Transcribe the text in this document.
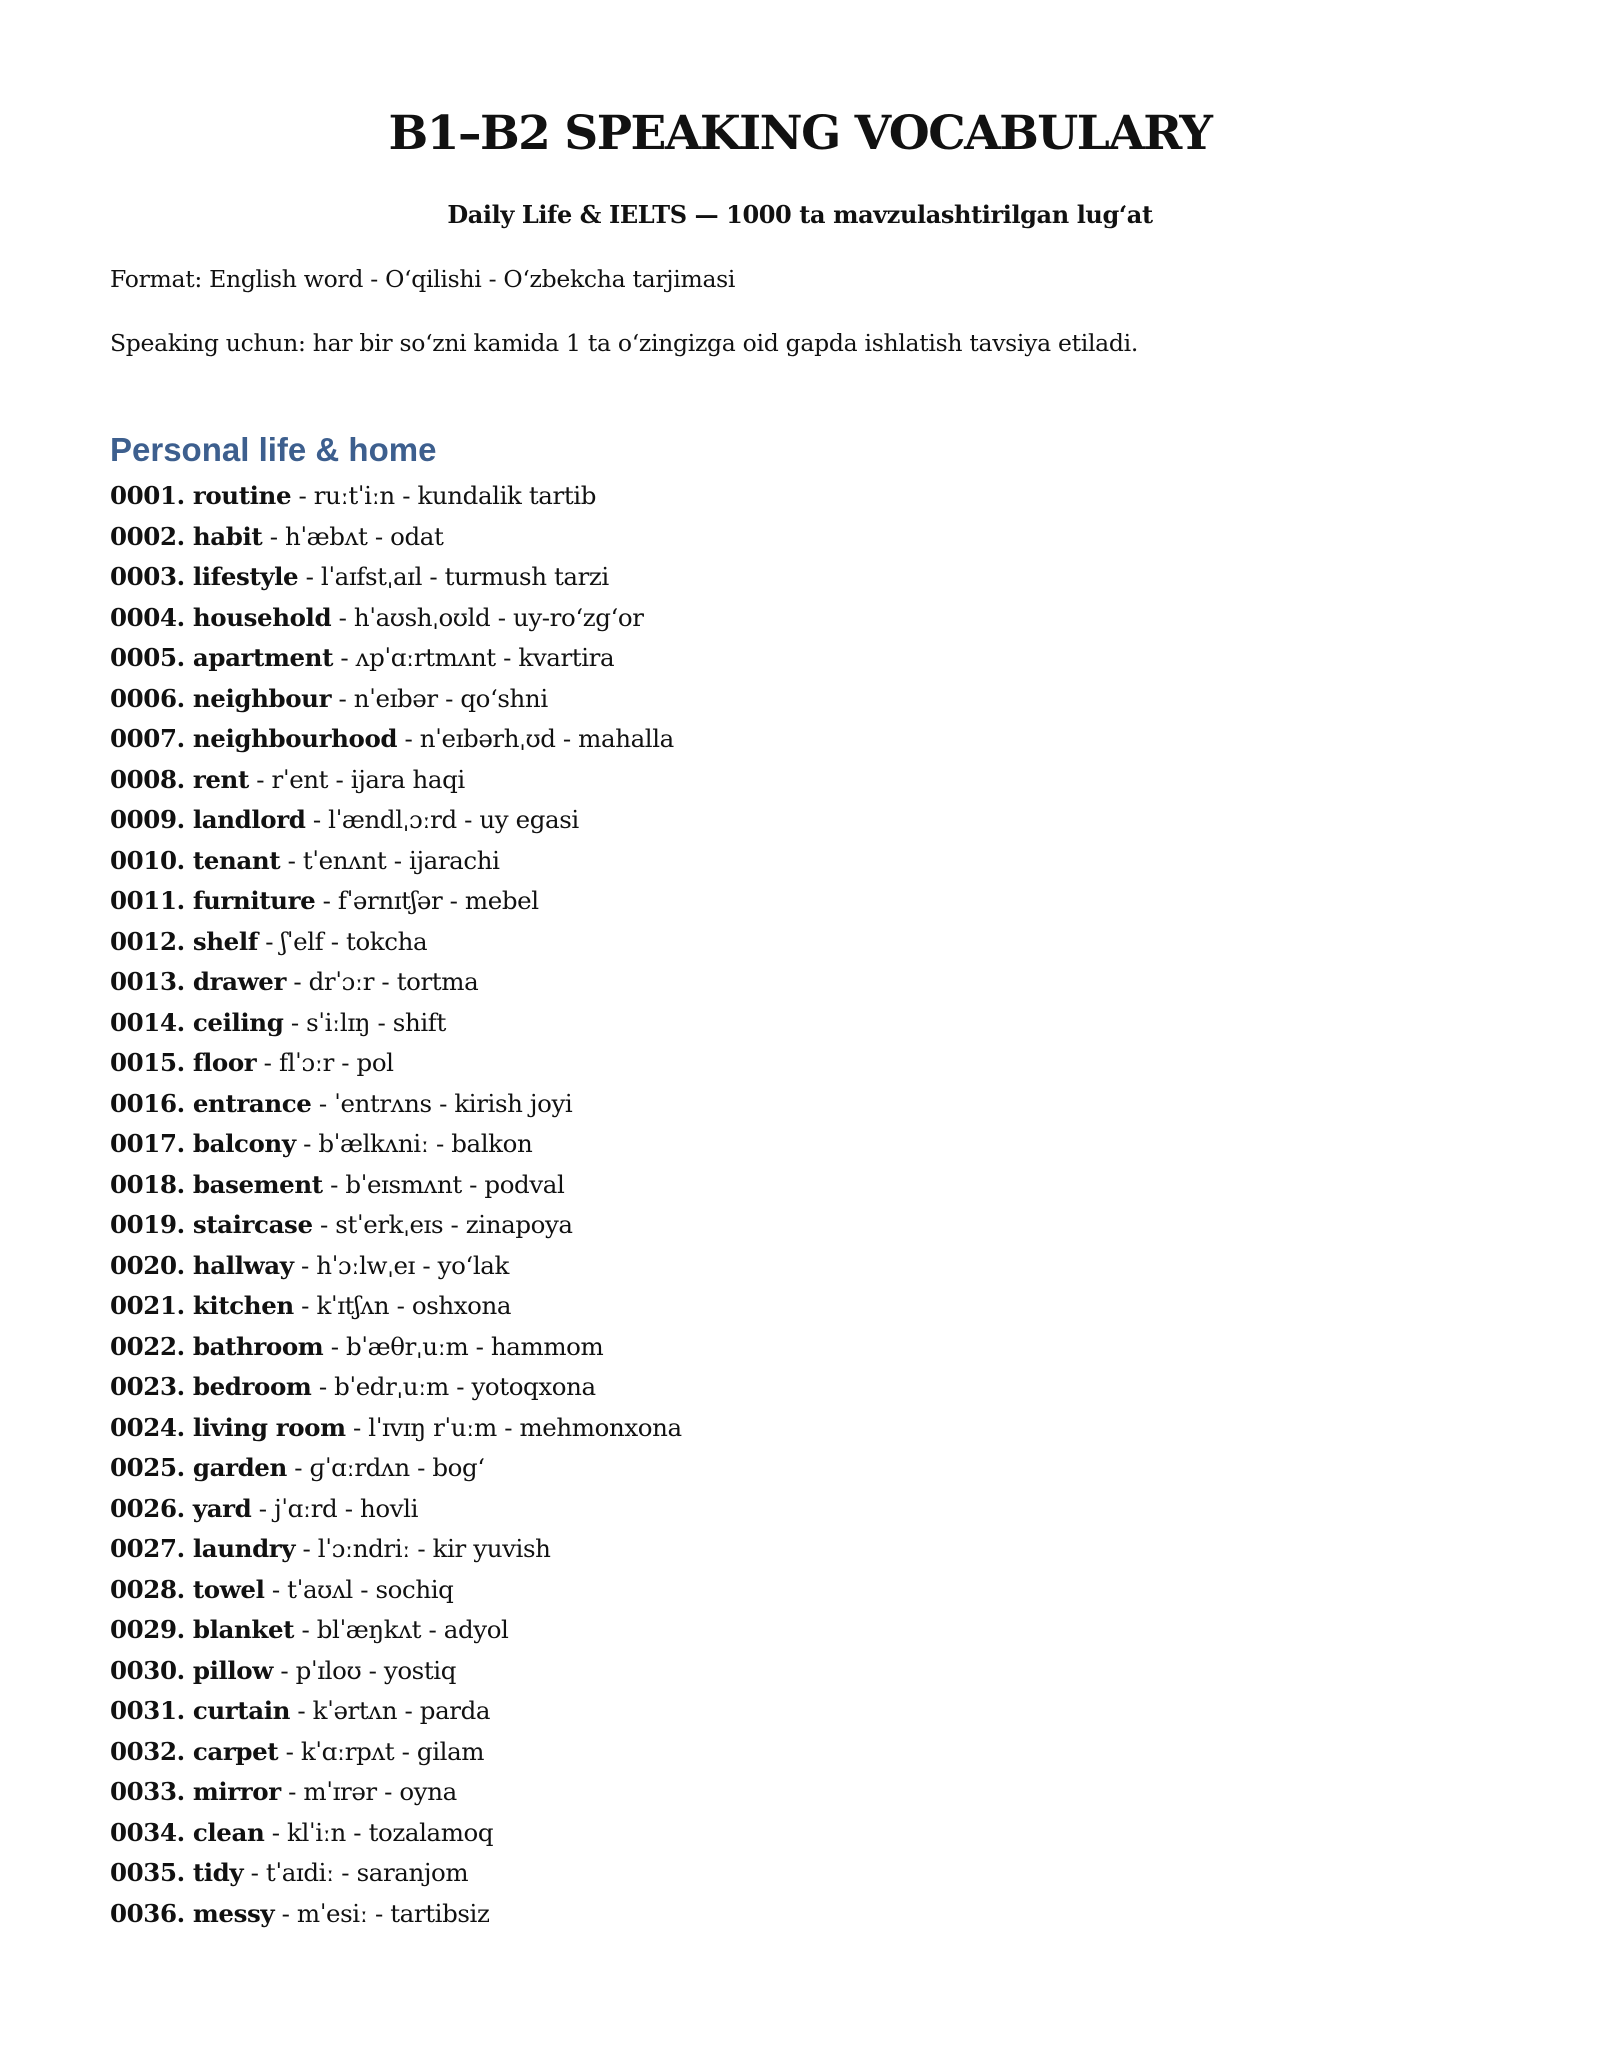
B1–B2 SPEAKING VOCABULARY

Daily Life & IELTS — 1000 ta mavzulashtirilgan lug‘at

Format: English word - O‘qilishi - O‘zbekcha tarjimasi

Speaking uchun: har bir so‘zni kamida 1 ta o‘zingizga oid gapda ishlatish tavsiya etiladi.

Personal life & home
0001. routine - ruːtˈiːn - kundalik tartib
0002. habit - hˈæbʌt - odat
0003. lifestyle - lˈaɪfstˌaɪl - turmush tarzi
0004. household - hˈaʊshˌoʊld - uy-ro‘zg‘or
0005. apartment - ʌpˈɑːrtmʌnt - kvartira
0006. neighbour - nˈeɪbər - qo‘shni
0007. neighbourhood - nˈeɪbərhˌʊd - mahalla
0008. rent - rˈent - ijara haqi
0009. landlord - lˈændlˌɔːrd - uy egasi
0010. tenant - tˈenʌnt - ijarachi
0011. furniture - fˈərnɪtʃər - mebel
0012. shelf - ʃˈelf - tokcha
0013. drawer - drˈɔːr - tortma
0014. ceiling - sˈiːlɪŋ - shift
0015. floor - flˈɔːr - pol
0016. entrance - ˈentrʌns - kirish joyi
0017. balcony - bˈælkʌniː - balkon
0018. basement - bˈeɪsmʌnt - podval
0019. staircase - stˈerkˌeɪs - zinapoya
0020. hallway - hˈɔːlwˌeɪ - yo‘lak
0021. kitchen - kˈɪtʃʌn - oshxona
0022. bathroom - bˈæθrˌuːm - hammom
0023. bedroom - bˈedrˌuːm - yotoqxona
0024. living room - lˈɪvɪŋ rˈuːm - mehmonxona
0025. garden - ɡˈɑːrdʌn - bog‘
0026. yard - jˈɑːrd - hovli
0027. laundry - lˈɔːndriː - kir yuvish
0028. towel - tˈaʊʌl - sochiq
0029. blanket - blˈæŋkʌt - adyol
0030. pillow - pˈɪloʊ - yostiq
0031. curtain - kˈərtʌn - parda
0032. carpet - kˈɑːrpʌt - gilam
0033. mirror - mˈɪrər - oyna
0034. clean - klˈiːn - tozalamoq
0035. tidy - tˈaɪdiː - saranjom
0036. messy - mˈesiː - tartibsiz
